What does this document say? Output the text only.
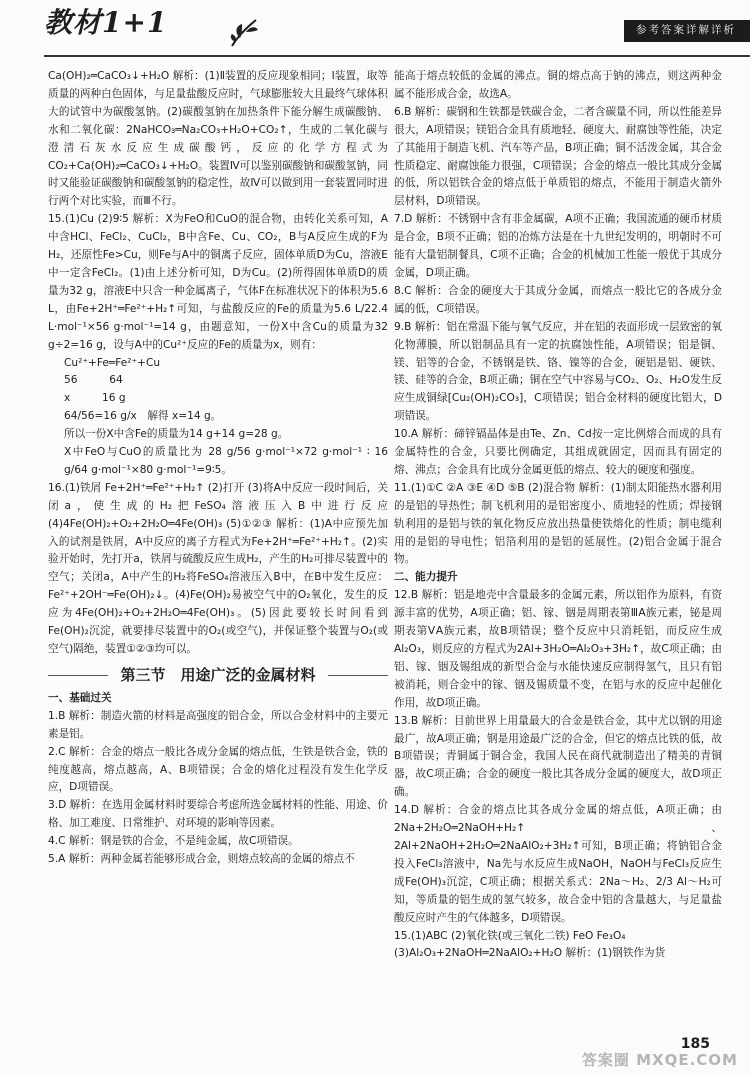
教材1+1	参考答案详解详析

Ca(OH)₂═CaCO₃↓+H₂O 解析：(1)Ⅱ装置的反应现象相同；Ⅰ装置，取等质量的两种白色固体，与足量盐酸反应时，气球膨胀较大且最终气球体积大的试管中为碳酸氢钠。(2)碳酸氢钠在加热条件下能分解生成碳酸钠、水和二氧化碳：2NaHCO₃═Na₂CO₃+H₂O+CO₂↑，生成的二氧化碳与澄清石灰水反应生成碳酸钙，反应的化学方程式为CO₂+Ca(OH)₂═CaCO₃↓+H₂O。装置Ⅳ可以鉴别碳酸钠和碳酸氢钠，同时又能验证碳酸钠和碳酸氢钠的稳定性，故Ⅳ可以做到用一套装置同时进行两个对比实验，而Ⅲ不行。

15.(1)Cu (2)9∶5 解析：X为FeO和CuO的混合物，由转化关系可知，A中含HCl、FeCl₂、CuCl₂，B中含Fe、Cu、CO₂，B与A反应生成的F为H₂，还原性Fe>Cu，则Fe与A中的铜离子反应，固体单质D为Cu，溶液E中一定含FeCl₂。(1)由上述分析可知，D为Cu。(2)所得固体单质D的质量为32 g，溶液E中只含一种金属离子，气体F在标准状况下的体积为5.6 L，由Fe+2H⁺═Fe²⁺+H₂↑可知，与盐酸反应的Fe的质量为5.6 L/22.4 L·mol⁻¹×56 g·mol⁻¹=14 g，由题意知，一份X中含Cu的质量为32 g÷2=16 g，设与A中的Cu²⁺反应的Fe的质量为x，则有：

Cu²⁺+Fe═Fe²⁺+Cu

56　　　64

x　　　16 g

64/56=16 g/x　解得 x=14 g。

所以一份X中含Fe的质量为14 g+14 g=28 g。

X中FeO与CuO的质量比为 28 g/56 g·mol⁻¹×72 g·mol⁻¹ ∶ 16 g/64 g·mol⁻¹×80 g·mol⁻¹=9∶5。

16.(1)铁屑 Fe+2H⁺═Fe²⁺+H₂↑ (2)打开 (3)将A中反应一段时间后，关闭a，使生成的H₂把FeSO₄溶液压入B中进行反应 (4)4Fe(OH)₂+O₂+2H₂O═4Fe(OH)₃ (5)①②③ 解析：(1)A中应预先加入的试剂是铁屑，A中反应的离子方程式为Fe+2H⁺═Fe²⁺+H₂↑。(2)实验开始时，先打开a，铁屑与硫酸反应生成H₂，产生的H₂可排尽装置中的空气；关闭a，A中产生的H₂将FeSO₄溶液压入B中，在B中发生反应：Fe²⁺+2OH⁻═Fe(OH)₂↓。(4)Fe(OH)₂易被空气中的O₂氧化，发生的反应为4Fe(OH)₂+O₂+2H₂O═4Fe(OH)₃。(5)因此要较长时间看到Fe(OH)₂沉淀，就要排尽装置中的O₂(或空气)，并保证整个装置与O₂(或空气)隔绝，装置①②③均可以。

第三节　用途广泛的金属材料

一、基础过关

1.B 解析：制造火箭的材料是高强度的铝合金，所以合金材料中的主要元素是铝。

2.C 解析：合金的熔点一般比各成分金属的熔点低，生铁是铁合金，铁的纯度越高，熔点越高，A、B项错误；合金的熔化过程没有发生化学反应，D项错误。

3.D 解析：在选用金属材料时要综合考虑所选金属材料的性能、用途、价格、加工难度、日常维护、对环境的影响等因素。

4.C 解析：钢是铁的合金，不是纯金属，故C项错误。

5.A 解析：两种金属若能够形成合金，则熔点较高的金属的熔点不

能高于熔点较低的金属的沸点。铜的熔点高于钠的沸点，则这两种金属不能形成合金，故选A。

6.B 解析：碳钢和生铁都是铁碳合金，二者含碳量不同，所以性能差异很大，A项错误；镁铝合金具有质地轻、硬度大、耐腐蚀等性能，决定了其能用于制造飞机、汽车等产品，B项正确；铜不活泼金属，其合金性质稳定、耐腐蚀能力很强，C项错误；合金的熔点一般比其成分金属的低，所以铝铁合金的熔点低于单质铝的熔点，不能用于制造火箭外层材料，D项错误。

7.D 解析：不锈钢中含有非金属碳，A项不正确；我国流通的硬币材质是合金，B项不正确；铝的冶炼方法是在十九世纪发明的，明朝时不可能有大量铝制餐具，C项不正确；合金的机械加工性能一般优于其成分金属，D项正确。

8.C 解析：合金的硬度大于其成分金属，而熔点一般比它的各成分金属的低，C项错误。

9.B 解析：铝在常温下能与氧气反应，并在铝的表面形成一层致密的氧化物薄膜，所以铝制品具有一定的抗腐蚀性能，A项错误；铝是铜、镁、铝等的合金，不锈钢是铁、铬、镍等的合金，硬铝是铝、硬铁、镁、硅等的合金，B项正确；铜在空气中容易与CO₂、O₂、H₂O发生反应生成铜绿[Cu₂(OH)₂CO₃]，C项错误；铝合金材料的硬度比铝大，D项错误。

10.A 解析：碲锌镉晶体是由Te、Zn、Cd按一定比例熔合而成的具有金属特性的合金，只要比例确定，其组成就固定，因而具有固定的熔、沸点；合金具有比成分金属更低的熔点、较大的硬度和强度。

11.(1)①C ②A ③E ④D ⑤B (2)混合物 解析：(1)制太阳能热水器利用的是铝的导热性；制飞机利用的是铝密度小、质地轻的性质；焊接钢轨利用的是铝与铁的氧化物反应放出热量使铁熔化的性质；制电缆利用的是铝的导电性；铝箔利用的是铝的延展性。(2)铝合金属于混合物。

二、能力提升

12.B 解析：铝是地壳中含量最多的金属元素，所以铝作为原料，有资源丰富的优势，A项正确；铝、镓、铟是周期表第ⅢA族元素，铋是周期表第ⅤA族元素，故B项错误；整个反应中只消耗铝，而反应生成Al₂O₃，则反应的方程式为2Al+3H₂O═Al₂O₃+3H₂↑，故C项正确；由铝、镓、铟及锡组成的新型合金与水能快速反应制得氢气，且只有铝被消耗，则合金中的镓、铟及锡质量不变，在铝与水的反应中起催化作用，故D项正确。

13.B 解析：目前世界上用量最大的合金是铁合金，其中尤以钢的用途最广，故A项正确；钢是用途最广泛的合金，但它的熔点比铁的低，故B项错误；青铜属于铜合金，我国人民在商代就制造出了精美的青铜器，故C项正确；合金的硬度一般比其各成分金属的硬度大，故D项正确。

14.D 解析：合金的熔点比其各成分金属的熔点低，A项正确；由2Na+2H₂O═2NaOH+H₂↑、2Al+2NaOH+2H₂O═2NaAlO₂+3H₂↑可知，B项正确；将钠铝合金投入FeCl₃溶液中，Na先与水反应生成NaOH，NaOH与FeCl₃反应生成Fe(OH)₃沉淀，C项正确；根据关系式：2Na～H₂、2/3 Al～H₂可知，等质量的铝生成的氢气较多，故合金中铝的含量越大，与足量盐酸反应时产生的气体越多，D项错误。

15.(1)ABC (2)氧化铁(或三氧化二铁) FeO Fe₃O₄

(3)Al₂O₃+2NaOH═2NaAlO₂+H₂O 解析：(1)钢铁作为货

185
答案圈 MXQE.COM
